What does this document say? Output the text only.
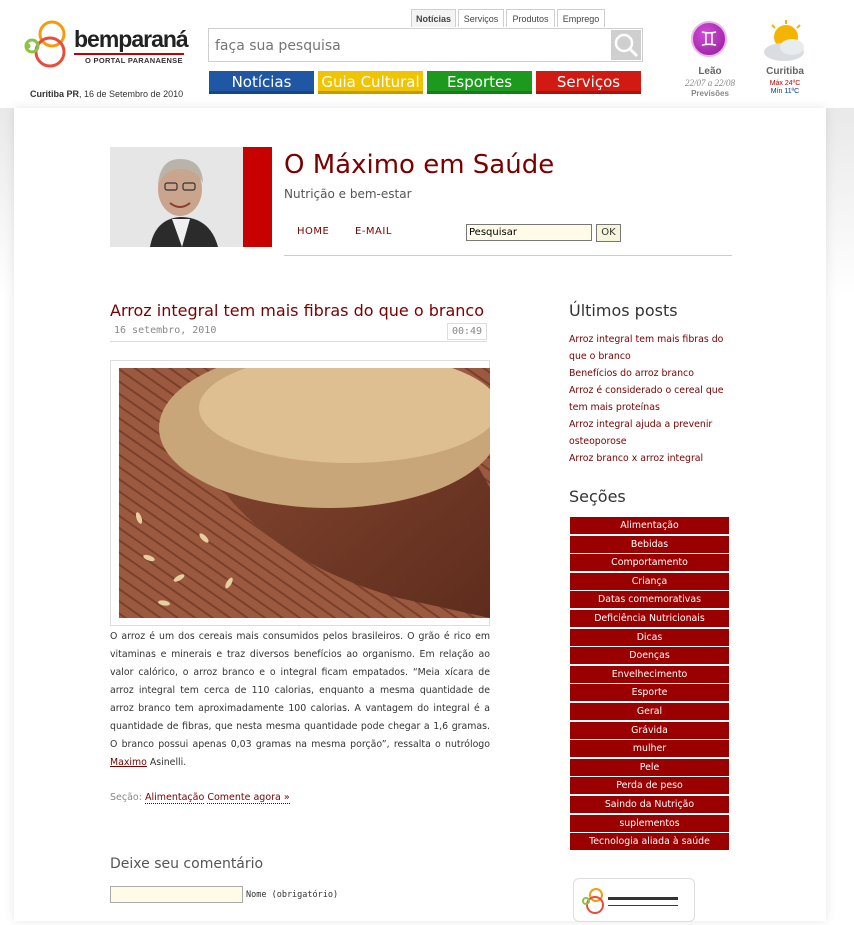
bemparaná
O PORTAL PARANAENSE
Curitiba PR, 16 de Setembro de 2010
Notícias	Serviços	Produtos	Emprego
faça sua pesquisa
Notícias	Guia Cultural	Esportes	Serviços
♊
Leão
22/07 a 22/08
Previsões
Curitiba
Máx 24ºC
Mín 11ºC
O Máximo em Saúde
Nutrição e bem-estar
HOME	E-MAIL
Pesquisar	OK
Arroz integral tem mais fibras do que o branco
16 setembro, 2010	00:49
O arroz é um dos cereais mais consumidos pelos brasileiros. O grão é rico em vitaminas e minerais e traz diversos benefícios ao organismo. Em relação ao valor calórico, o arroz branco e o integral ficam empatados. “Meia xícara de arroz integral tem cerca de 110 calorias, enquanto a mesma quantidade de arroz branco tem aproximadamente 100 calorias. A vantagem do integral é a quantidade de fibras, que nesta mesma quantidade pode chegar a 1,6 gramas. O branco possui apenas 0,03 gramas na mesma porção”, ressalta o nutrólogo Maximo Asinelli.
Seção: Alimentação Comente agora »
Deixe seu comentário
Nome (obrigatório)
Últimos posts
Arroz integral tem mais fibras do que o branco
Benefícios do arroz branco
Arroz é considerado o cereal que tem mais proteínas
Arroz integral ajuda a prevenir osteoporose
Arroz branco x arroz integral
Seções
Alimentação
Bebidas
Comportamento
Criança
Datas comemorativas
Deficiência Nutricionais
Dicas
Doenças
Envelhecimento
Esporte
Geral
Grávida
mulher
Pele
Perda de peso
Saindo da Nutrição
suplementos
Tecnologia aliada à saúde
